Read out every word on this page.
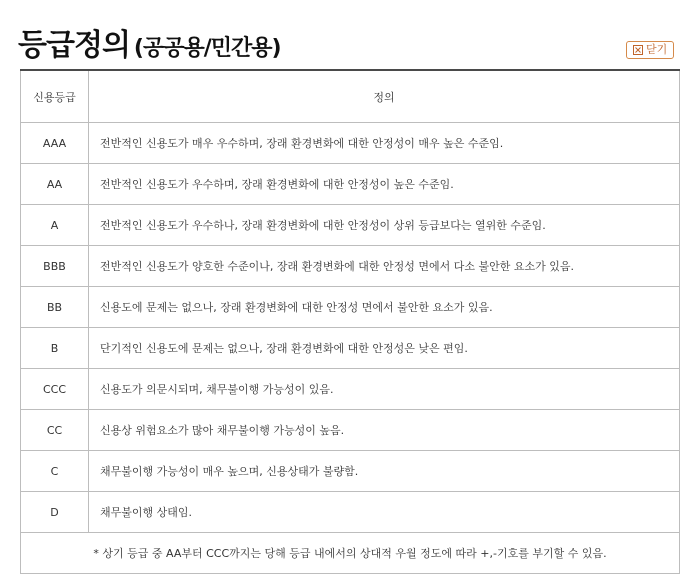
등급정의 (공공용/민간용)	닫기
신용등급	정의
AAA	전반적인 신용도가 매우 우수하며, 장래 환경변화에 대한 안정성이 매우 높은 수준임.
AA	전반적인 신용도가 우수하며, 장래 환경변화에 대한 안정성이 높은 수준임.
A	전반적인 신용도가 우수하나, 장래 환경변화에 대한 안정성이 상위 등급보다는 열위한 수준임.
BBB	전반적인 신용도가 양호한 수준이나, 장래 환경변화에 대한 안정성 면에서 다소 불안한 요소가 있음.
BB	신용도에 문제는 없으나, 장래 환경변화에 대한 안정성 면에서 불안한 요소가 있음.
B	단기적인 신용도에 문제는 없으나, 장래 환경변화에 대한 안정성은 낮은 편임.
CCC	신용도가 의문시되며, 채무불이행 가능성이 있음.
CC	신용상 위험요소가 많아 채무불이행 가능성이 높음.
C	채무불이행 가능성이 매우 높으며, 신용상태가 불량함.
D	채무불이행 상태임.
* 상기 등급 중 AA부터 CCC까지는 당해 등급 내에서의 상대적 우월 정도에 따라 +,-기호를 부기할 수 있음.	
